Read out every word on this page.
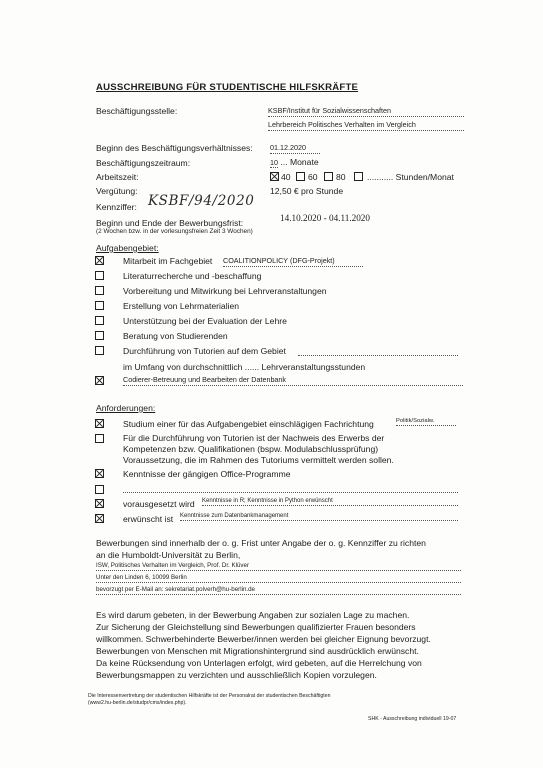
AUSSCHREIBUNG FÜR STUDENTISCHE HILFSKRÄFTE
Beschäftigungsstelle:	KSBF/Institut für Sozialwissenschaften
Lehrbereich Politisches Verhalten im Vergleich
Beginn des Beschäftigungsverhältnisses: 01.12.2020
Beschäftigungszeitraum:	10 ... Monate
Arbeitszeit:	40 60 80 ........... Stunden/Monat
Vergütung:	12,50 € pro Stunde
Kennziffer: KSBF/94/2020
Beginn und Ende der Bewerbungsfrist:
(2 Wochen bzw. in der vorlesungsfreien Zeit 3 Wochen)
14.10.2020 - 04.11.2020
Aufgabengebiet:
Mitarbeit im Fachgebiet COALITIONPOLICY (DFG-Projekt)
Literaturrecherche und -beschaffung
Vorbereitung und Mitwirkung bei Lehrveranstaltungen
Erstellung von Lehrmaterialien
Unterstützung bei der Evaluation der Lehre
Beratung von Studierenden
Durchführung von Tutorien auf dem Gebiet
im Umfang von durchschnittlich ...... Lehrveranstaltungsstunden
Codierer-Betreuung und Bearbeiten der Datenbank
Anforderungen:
Studium einer für das Aufgabengebiet einschlägigen Fachrichtung	Politik/Sozialw.
Für die Durchführung von Tutorien ist der Nachweis des Erwerbs der
Kompetenzen bzw. Qualifikationen (bspw. Modulabschlussprüfung)
Voraussetzung, die im Rahmen des Tutoriums vermittelt werden sollen.
Kenntnisse der gängigen Office-Programme
vorausgesetzt wird Kenntnisse in R; Kenntnisse in Python erwünscht
erwünscht ist Kenntnisse zum Datenbankmanagement
Bewerbungen sind innerhalb der o. g. Frist unter Angabe der o. g. Kennziffer zu richten
an die Humboldt-Universität zu Berlin,
ISW, Politisches Verhalten im Vergleich, Prof. Dr. Klüver
Unter den Linden 6, 10099 Berlin
bevorzugt per E-Mail an: sekretariat.polverh@hu-berlin.de
Es wird darum gebeten, in der Bewerbung Angaben zur sozialen Lage zu machen.
Zur Sicherung der Gleichstellung sind Bewerbungen qualifizierter Frauen besonders
willkommen. Schwerbehinderte Bewerber/innen werden bei gleicher Eignung bevorzugt.
Bewerbungen von Menschen mit Migrationshintergrund sind ausdrücklich erwünscht.
Da keine Rücksendung von Unterlagen erfolgt, wird gebeten, auf die Herrelchung von
Bewerbungsmappen zu verzichten und ausschließlich Kopien vorzulegen.
Die Interessenvertretung der studentischen Hilfskräfte ist der Personalrat der studentischen Beschäftigten
(www2.hu-berlin.de/studpr/cms/index.php).
SHK - Ausschreibung individuell 19-07
